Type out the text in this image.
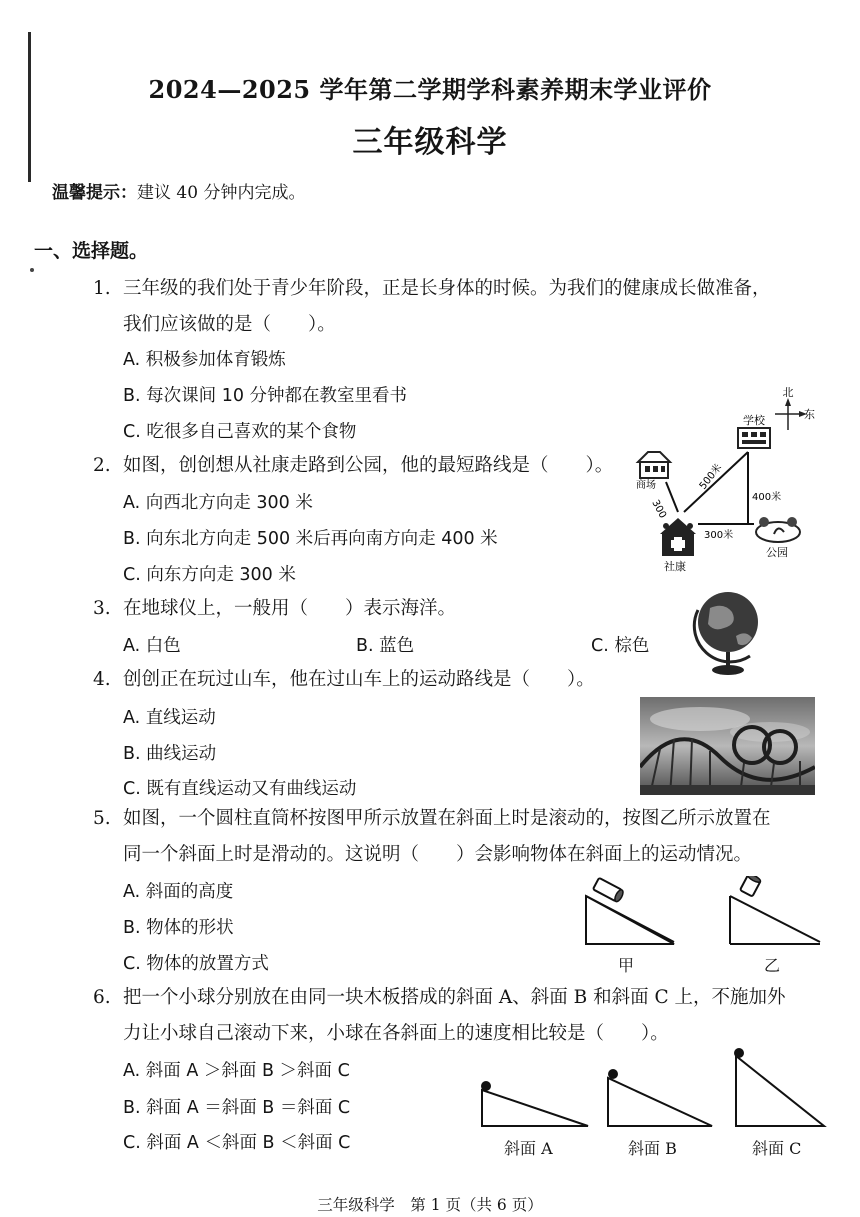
2024—2025 学年第二学期学科素养期末学业评价
三年级科学
温馨提示：建议 40 分钟内完成。
一、选择题。
1. 三年级的我们处于青少年阶段，正是长身体的时候。为我们的健康成长做准备，
我们应该做的是（　　）。
A. 积极参加体育锻炼
B. 每次课间 10 分钟都在教室里看书
C. 吃很多自己喜欢的某个食物
2. 如图，创创想从社康走路到公园，他的最短路线是（　　）。
A. 向西北方向走 300 米
B. 向东北方向走 500 米后再向南方向走 400 米
C. 向东方向走 300 米
北
东
学校
商场
社康
公园
300
500米
400米
300米
3. 在地球仪上，一般用（　　）表示海洋。
A. 白色	B. 蓝色	C. 棕色
4. 创创正在玩过山车，他在过山车上的运动路线是（　　）。
A. 直线运动
B. 曲线运动
C. 既有直线运动又有曲线运动
5. 如图，一个圆柱直筒杯按图甲所示放置在斜面上时是滚动的，按图乙所示放置在
同一个斜面上时是滑动的。这说明（　　）会影响物体在斜面上的运动情况。
A. 斜面的高度
B. 物体的形状
C. 物体的放置方式	甲	乙
6. 把一个小球分别放在由同一块木板搭成的斜面 A、斜面 B 和斜面 C 上，不施加外
力让小球自己滚动下来，小球在各斜面上的速度相比较是（　　）。
A. 斜面 A ＞斜面 B ＞斜面 C
B. 斜面 A ＝斜面 B ＝斜面 C
C. 斜面 A ＜斜面 B ＜斜面 C	斜面 A	斜面 B	斜面 C
三年级科学　第 1 页（共 6 页）
